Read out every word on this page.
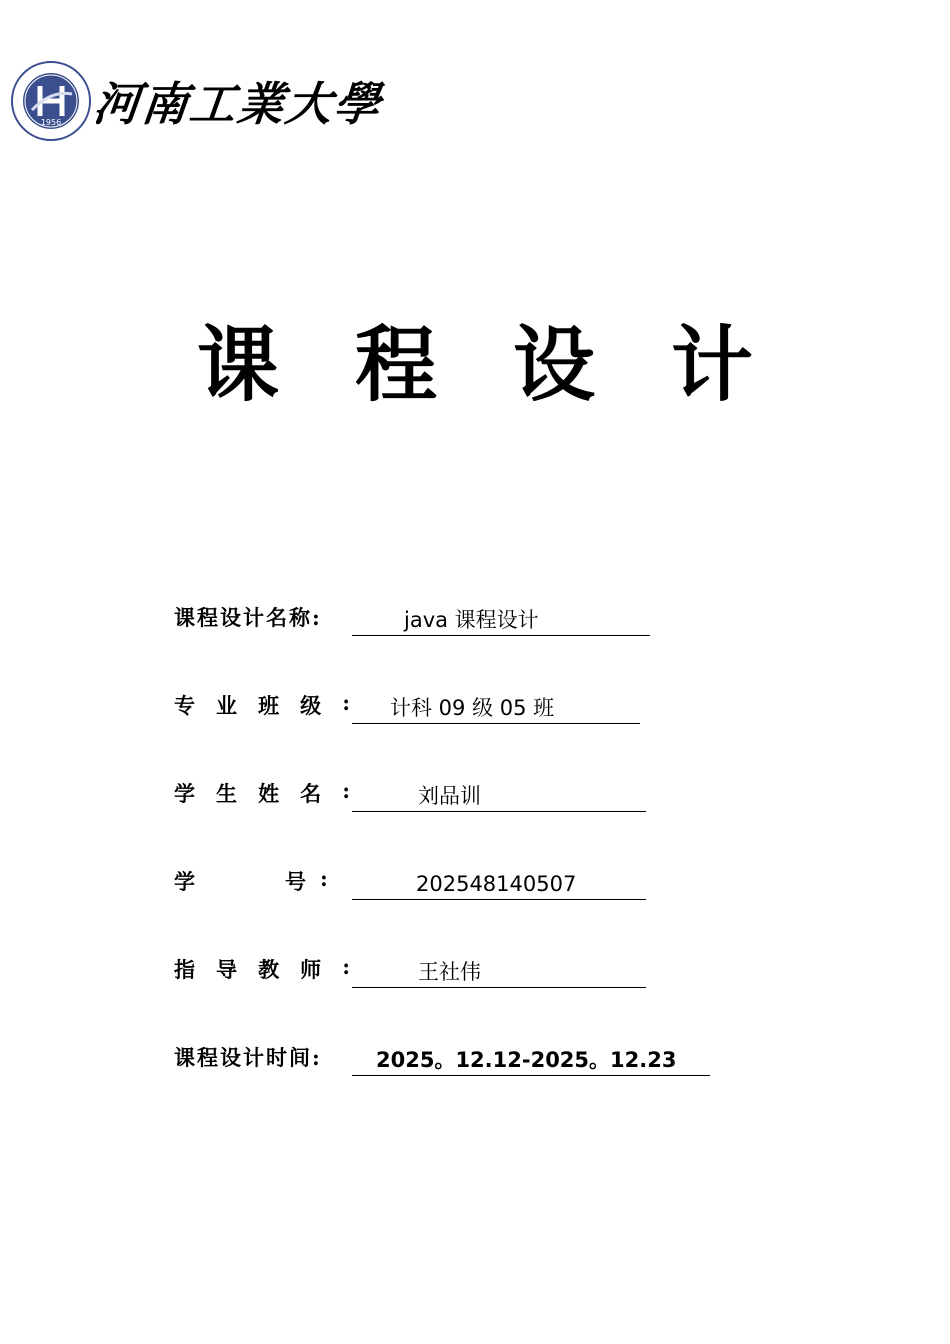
1956 河南工業大學
课 程 设 计
课程设计名称:	java 课程设计
专 业 班 级 :	计科 09 级 05 班
学 生 姓 名 :	刘品训
学	号 :	202548140507
指 导 教 师 :	王社伟
课程设计时间:	2025。12.12-2025。12.23
